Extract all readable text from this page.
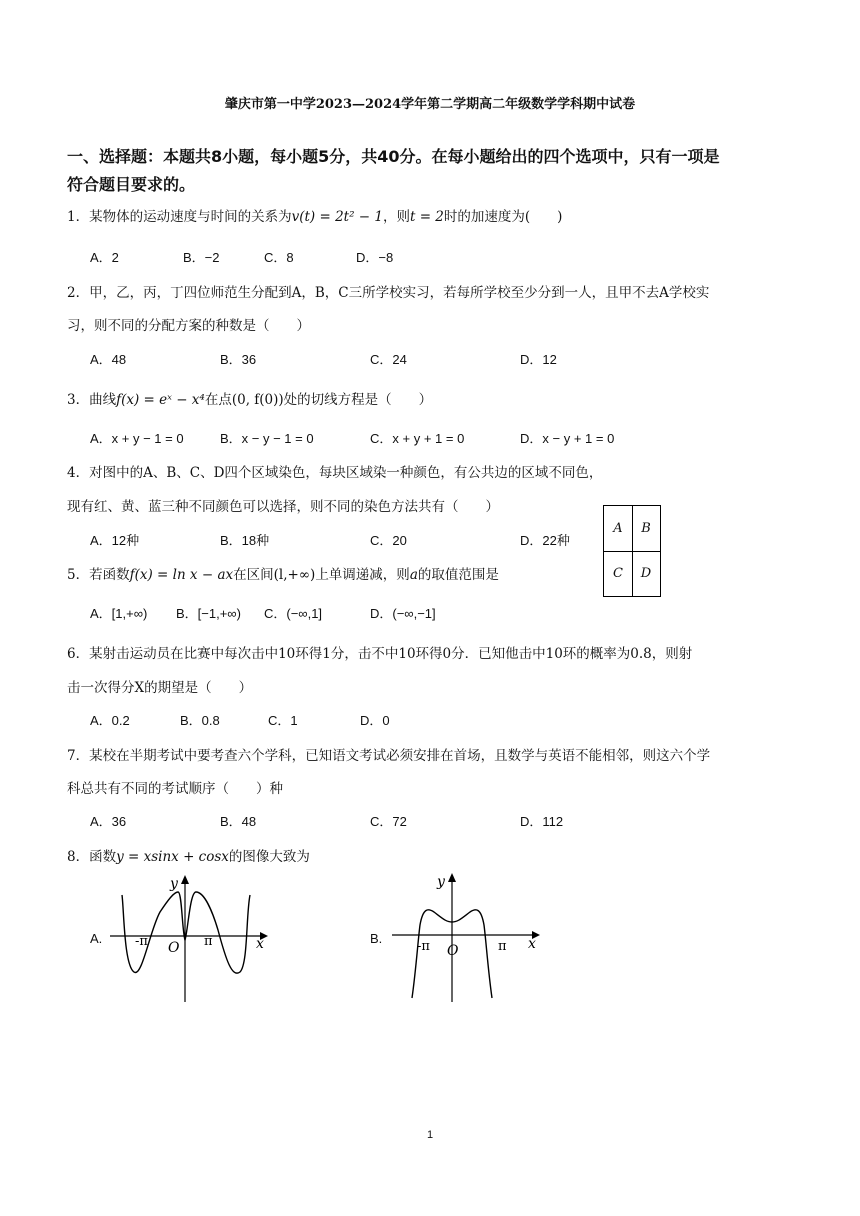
肇庆市第一中学2023—2024学年第二学期高二年级数学学科期中试卷
一、选择题：本题共8小题，每小题5分，共40分。在每小题给出的四个选项中，只有一项是
符合题目要求的。
1．某物体的运动速度与时间的关系为v(t) = 2t² − 1，则t = 2时的加速度为(　　)
A．2	B．−2	C．8	D．−8
2．甲，乙，丙，丁四位师范生分配到A，B，C三所学校实习，若每所学校至少分到一人，且甲不去A学校实
习，则不同的分配方案的种数是（　　）
A．48	B．36	C．24	D．12
3．曲线f(x) = eˣ − x⁴在点(0, f(0))处的切线方程是（　　）
A．x + y − 1 = 0	B．x − y − 1 = 0	C．x + y + 1 = 0	D．x − y + 1 = 0
4．对图中的A、B、C、D四个区域染色，每块区域染一种颜色，有公共边的区域不同色，
现有红、黄、蓝三种不同颜色可以选择，则不同的染色方法共有（　　）
A．12种	B．18种	C．20	D．22种
A	B
C	D
5．若函数f(x) = ln x − ax在区间(l,+∞)上单调递减，则a的取值范围是
A．[1,+∞) B．[−1,+∞) C．(−∞,1]	D．(−∞,−1]
6．某射击运动员在比赛中每次击中10环得1分，击不中10环得0分．已知他击中10环的概率为0.8，则射
击一次得分X的期望是（　　）
A．0.2	B．0.8	C．1	D．0
7．某校在半期考试中要考查六个学科，已知语文考试必须安排在首场，且数学与英语不能相邻，则这六个学
科总共有不同的考试顺序（　　）种
A．36	B．48	C．72	D．112
8．函数y = xsinx + cosx的图像大致为
A.	-π	π
O
y
x	B.
-π	π
O
y
x
1
